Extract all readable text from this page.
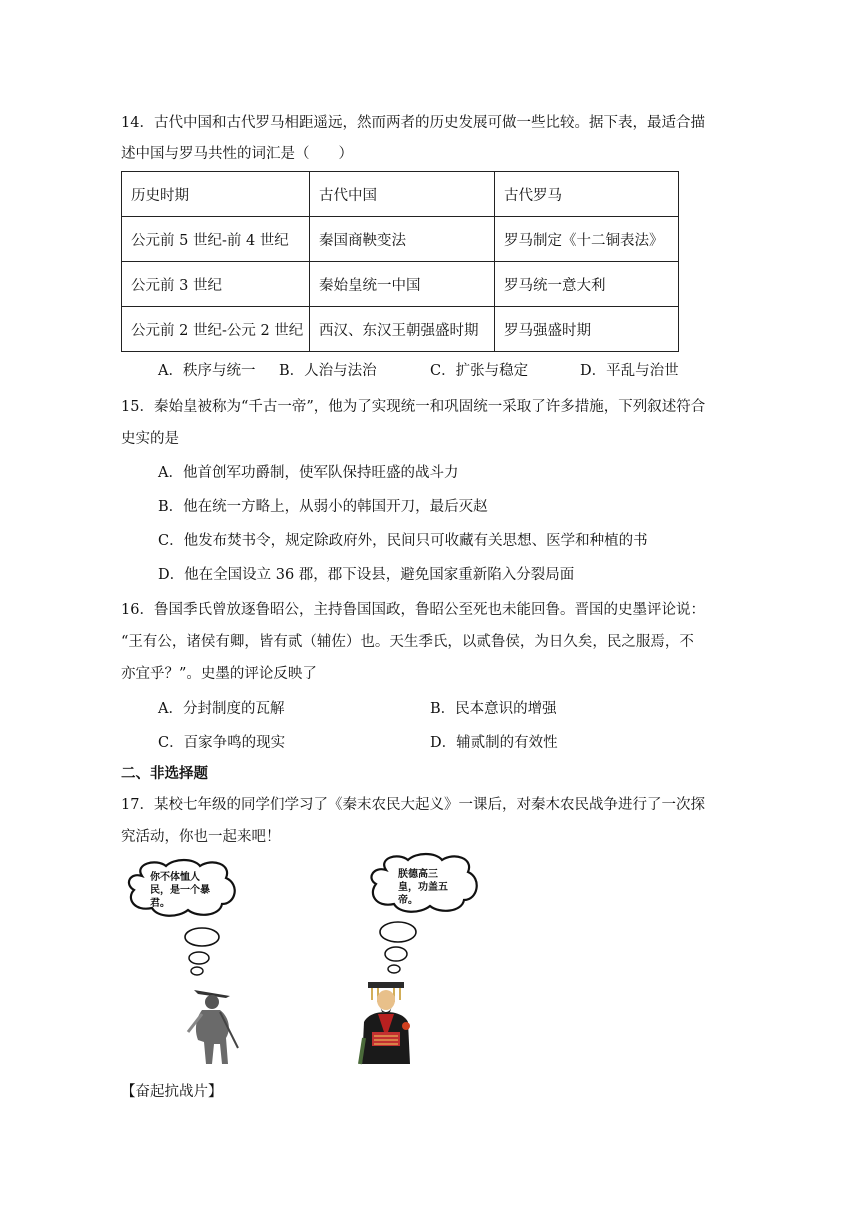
14．古代中国和古代罗马相距遥远，然而两者的历史发展可做一些比较。据下表，最适合描
述中国与罗马共性的词汇是（　　）
历史时期	古代中国	古代罗马
公元前 5 世纪-前 4 世纪	秦国商鞅变法	罗马制定《十二铜表法》
公元前 3 世纪	秦始皇统一中国	罗马统一意大利
公元前 2 世纪-公元 2 世纪	西汉、东汉王朝强盛时期	罗马强盛时期
A．秩序与统一 B．人治与法治	C．扩张与稳定	D．平乱与治世
15．秦始皇被称为“千古一帝”，他为了实现统一和巩固统一采取了许多措施，下列叙述符合
史实的是
A．他首创军功爵制，使军队保持旺盛的战斗力
B．他在统一方略上，从弱小的韩国开刀，最后灭赵
C．他发布焚书令，规定除政府外，民间只可收藏有关思想、医学和种植的书
D．他在全国设立 36 郡，郡下设县，避免国家重新陷入分裂局面
16．鲁国季氏曾放逐鲁昭公，主持鲁国国政，鲁昭公至死也未能回鲁。晋国的史墨评论说：
“王有公，诸侯有卿，皆有贰（辅佐）也。天生季氏，以贰鲁侯，为日久矣，民之服焉，不
亦宜乎？”。史墨的评论反映了
A．分封制度的瓦解	B．民本意识的增强
C．百家争鸣的现实	D．辅贰制的有效性
二、非选择题
17．某校七年级的同学们学习了《秦末农民大起义》一课后，对秦木农民战争进行了一次探
究活动，你也一起来吧！
你不体恤人民，是一个暴君。
朕德高三皇，功盖五帝。
【奋起抗战片】
